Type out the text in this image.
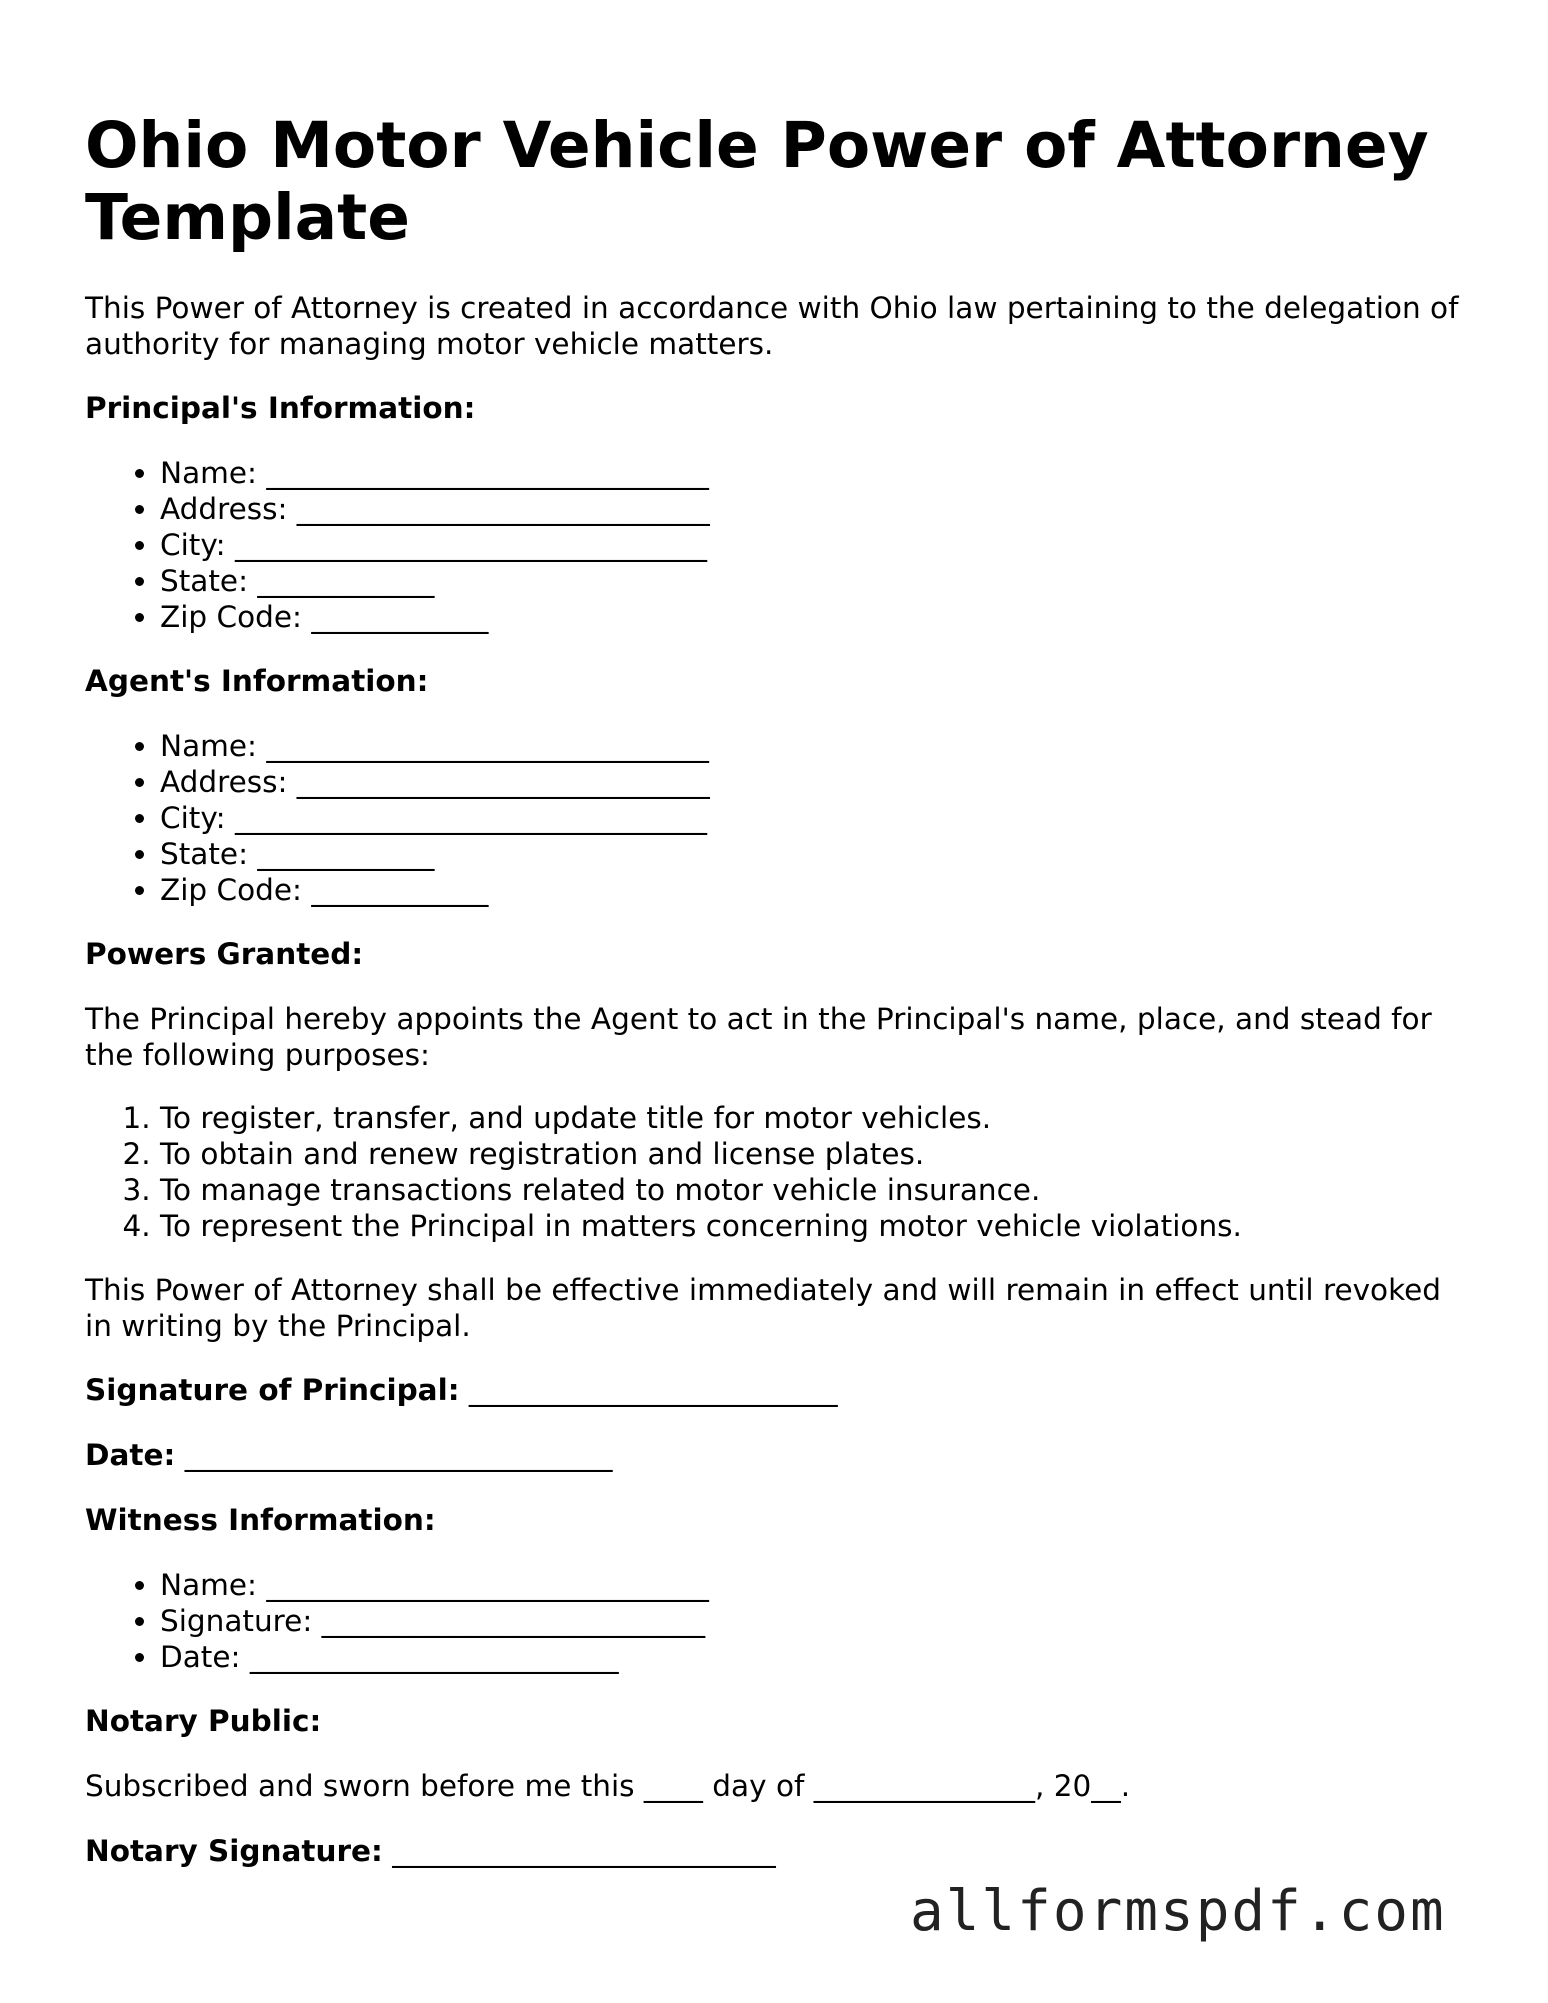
Ohio Motor Vehicle Power of Attorney Template

This Power of Attorney is created in accordance with Ohio law pertaining to the delegation of authority for managing motor vehicle matters.

Principal's Information:

• Name: ______________________________
• Address: ____________________________
• City: ________________________________
• State: ____________
• Zip Code: ____________

Agent's Information:

• Name: ______________________________
• Address: ____________________________
• City: ________________________________
• State: ____________
• Zip Code: ____________

Powers Granted:

The Principal hereby appoints the Agent to act in the Principal's name, place, and stead for the following purposes:

1. To register, transfer, and update title for motor vehicles.
2. To obtain and renew registration and license plates.
3. To manage transactions related to motor vehicle insurance.
4. To represent the Principal in matters concerning motor vehicle violations.

This Power of Attorney shall be effective immediately and will remain in effect until revoked in writing by the Principal.

Signature of Principal: _________________________

Date: _____________________________

Witness Information:

• Name: ______________________________
• Signature: __________________________
• Date: _________________________

Notary Public:

Subscribed and sworn before me this ____ day of _______________, 20__.

Notary Signature: __________________________

allformspdf.com
